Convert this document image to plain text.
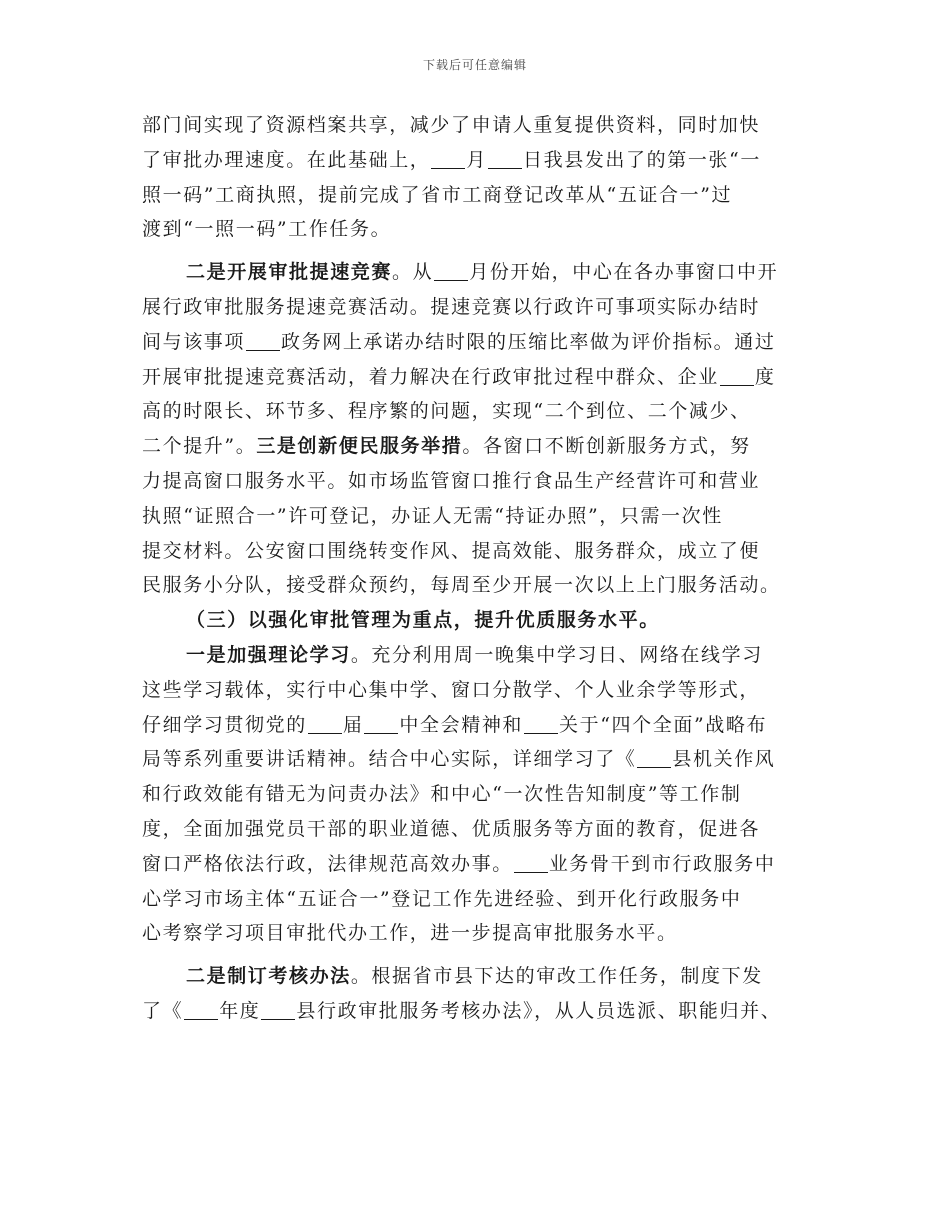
下载后可任意编辑

部门间实现了资源档案共享，减少了申请人重复提供资料，同时加快

了审批办理速度。在此基础上， 月 日我县发出了的第一张“一

照一码”工商执照，提前完成了省市工商登记改革从“五证合一”过

渡到“一照一码”工作任务。

二是开展审批提速竞赛。从 月份开始，中心在各办事窗口中开

展行政审批服务提速竞赛活动。提速竞赛以行政许可事项实际办结时

间与该事项 政务网上承诺办结时限的压缩比率做为评价指标。通过

开展审批提速竞赛活动，着力解决在行政审批过程中群众、企业 度

高的时限长、环节多、程序繁的问题，实现“二个到位、二个减少、

二个提升”。三是创新便民服务举措。各窗口不断创新服务方式，努

力提高窗口服务水平。如市场监管窗口推行食品生产经营许可和营业

执照“证照合一”许可登记，办证人无需“持证办照”，只需一次性

提交材料。公安窗口围绕转变作风、提高效能、服务群众，成立了便

民服务小分队，接受群众预约，每周至少开展一次以上上门服务活动。

（三）以强化审批管理为重点，提升优质服务水平。

一是加强理论学习。充分利用周一晚集中学习日、网络在线学习

这些学习载体，实行中心集中学、窗口分散学、个人业余学等形式，

仔细学习贯彻党的 届 中全会精神和 关于“四个全面”战略布

局等系列重要讲话精神。结合中心实际，详细学习了《 县机关作风

和行政效能有错无为问责办法》和中心“一次性告知制度”等工作制

度，全面加强党员干部的职业道德、优质服务等方面的教育，促进各

窗口严格依法行政，法律规范高效办事。 业务骨干到市行政服务中

心学习市场主体“五证合一”登记工作先进经验、到开化行政服务中

心考察学习项目审批代办工作，进一步提高审批服务水平。

二是制订考核办法。根据省市县下达的审改工作任务，制度下发

了《 年度 县行政审批服务考核办法》，从人员选派、职能归并、
